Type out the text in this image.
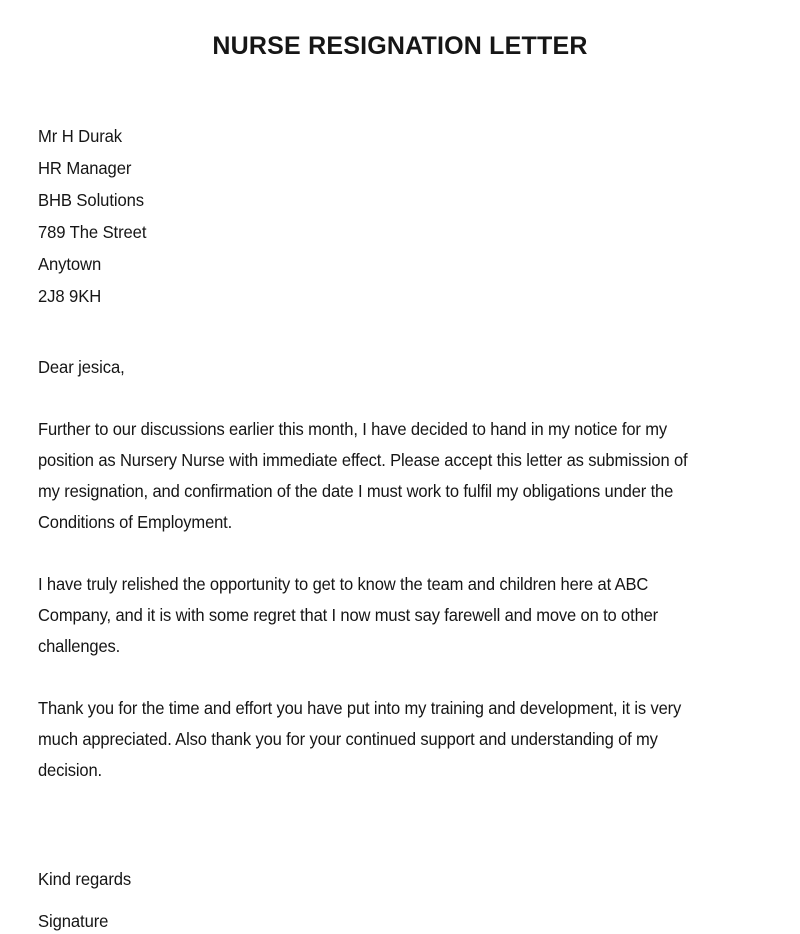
NURSE RESIGNATION LETTER
Mr H Durak
HR Manager
BHB Solutions
789 The Street
Anytown
2J8 9KH
Dear jesica,
Further to our discussions earlier this month, I have decided to hand in my notice for my
position as Nursery Nurse with immediate effect. Please accept this letter as submission of
my resignation, and confirmation of the date I must work to fulfil my obligations under the
Conditions of Employment.
I have truly relished the opportunity to get to know the team and children here at ABC
Company, and it is with some regret that I now must say farewell and move on to other
challenges.
Thank you for the time and effort you have put into my training and development, it is very
much appreciated. Also thank you for your continued support and understanding of my
decision.
Kind regards
Signature
